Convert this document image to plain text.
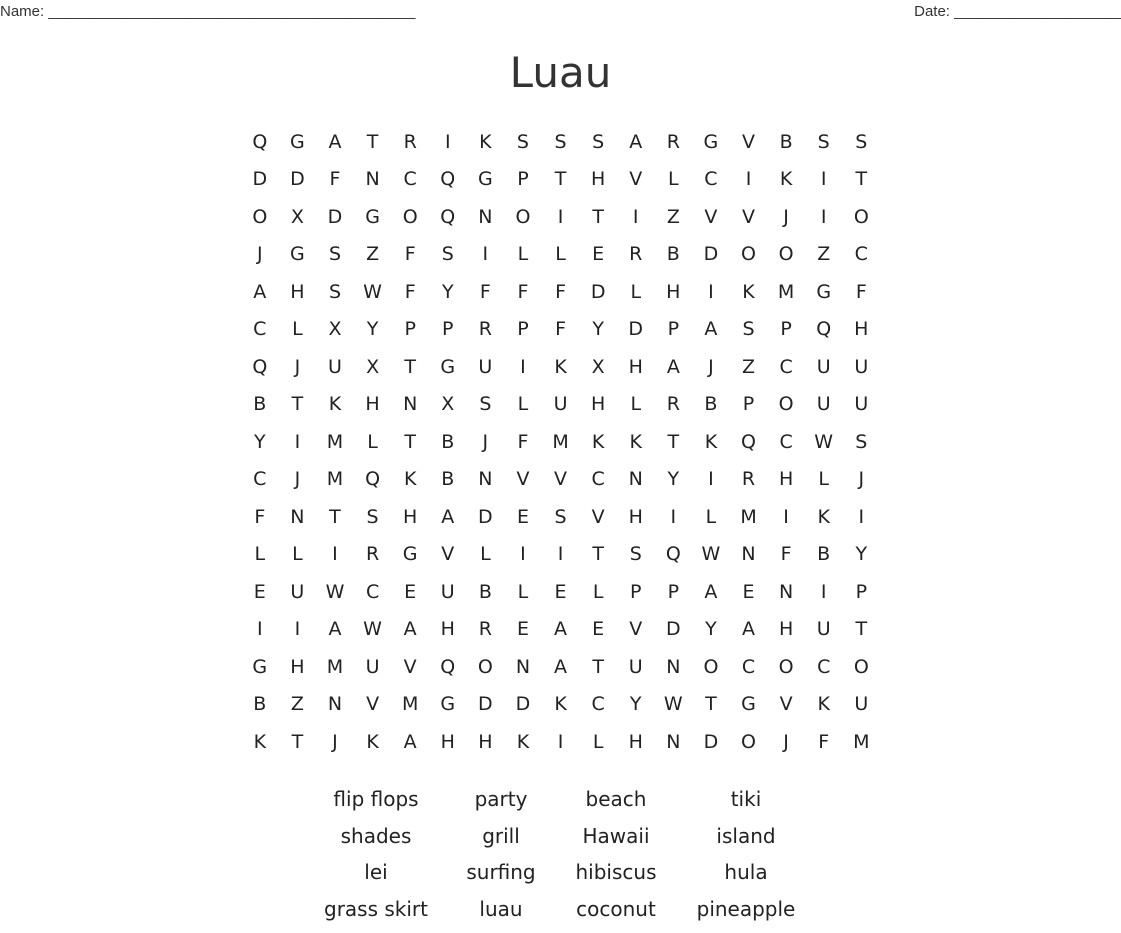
Name: ____________________________________________	Date: ____________________
Luau
Q	G	A	T	R	I	K	S	S	S	A	R	G	V	B	S	S
D	D	F	N	C	Q	G	P	T	H	V	L	C	I	K	I	T
O	X	D	G	O	Q	N	O	I	T	I	Z	V	V	J	I	O
J	G	S	Z	F	S	I	L	L	E	R	B	D	O	O	Z	C
A	H	S	W	F	Y	F	F	F	D	L	H	I	K	M	G	F
C	L	X	Y	P	P	R	P	F	Y	D	P	A	S	P	Q	H
Q	J	U	X	T	G	U	I	K	X	H	A	J	Z	C	U	U
B	T	K	H	N	X	S	L	U	H	L	R	B	P	O	U	U
Y	I	M	L	T	B	J	F	M	K	K	T	K	Q	C	W	S
C	J	M	Q	K	B	N	V	V	C	N	Y	I	R	H	L	J
F	N	T	S	H	A	D	E	S	V	H	I	L	M	I	K	I
L	L	I	R	G	V	L	I	I	T	S	Q	W	N	F	B	Y
E	U	W	C	E	U	B	L	E	L	P	P	A	E	N	I	P
I	I	A	W	A	H	R	E	A	E	V	D	Y	A	H	U	T
G	H	M	U	V	Q	O	N	A	T	U	N	O	C	O	C	O
B	Z	N	V	M	G	D	D	K	C	Y	W	T	G	V	K	U
K	T	J	K	A	H	H	K	I	L	H	N	D	O	J	F	M
flip flops	party	beach	tiki
shades	grill	Hawaii	island
lei	surfing	hibiscus	hula
grass skirt	luau	coconut	pineapple
